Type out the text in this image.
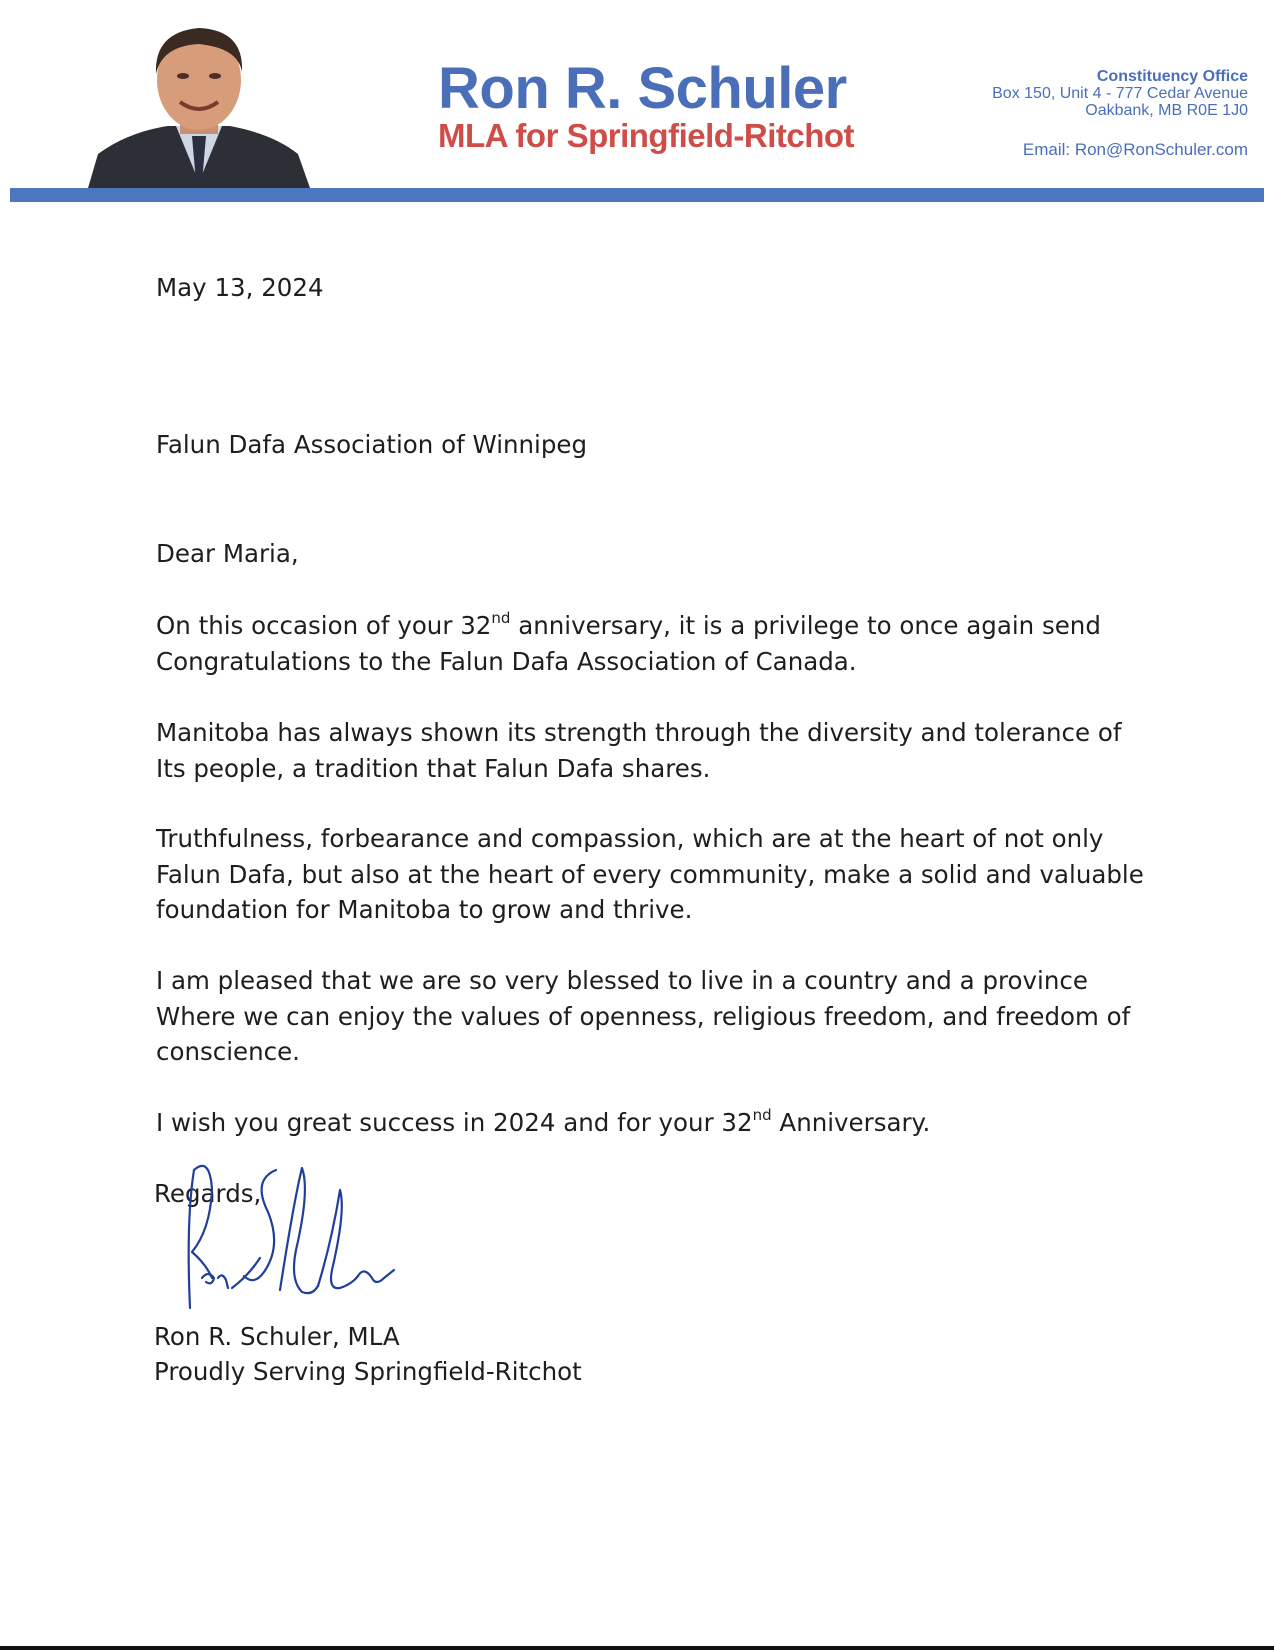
Ron R. Schuler
MLA for Springfield-Ritchot
Constituency Office
Box 150, Unit 4 - 777 Cedar Avenue
Oakbank, MB R0E 1J0
Email: Ron@RonSchuler.com
May 13, 2024
Falun Dafa Association of Winnipeg
Dear Maria,
On this occasion of your 32nd anniversary, it is a privilege to once again send
Congratulations to the Falun Dafa Association of Canada.
Manitoba has always shown its strength through the diversity and tolerance of
Its people, a tradition that Falun Dafa shares.
Truthfulness, forbearance and compassion, which are at the heart of not only
Falun Dafa, but also at the heart of every community, make a solid and valuable
foundation for Manitoba to grow and thrive.
I am pleased that we are so very blessed to live in a country and a province
Where we can enjoy the values of openness, religious freedom, and freedom of
conscience.
I wish you great success in 2024 and for your 32nd Anniversary.
Regards,
Ron R. Schuler, MLA
Proudly Serving Springfield-Ritchot
